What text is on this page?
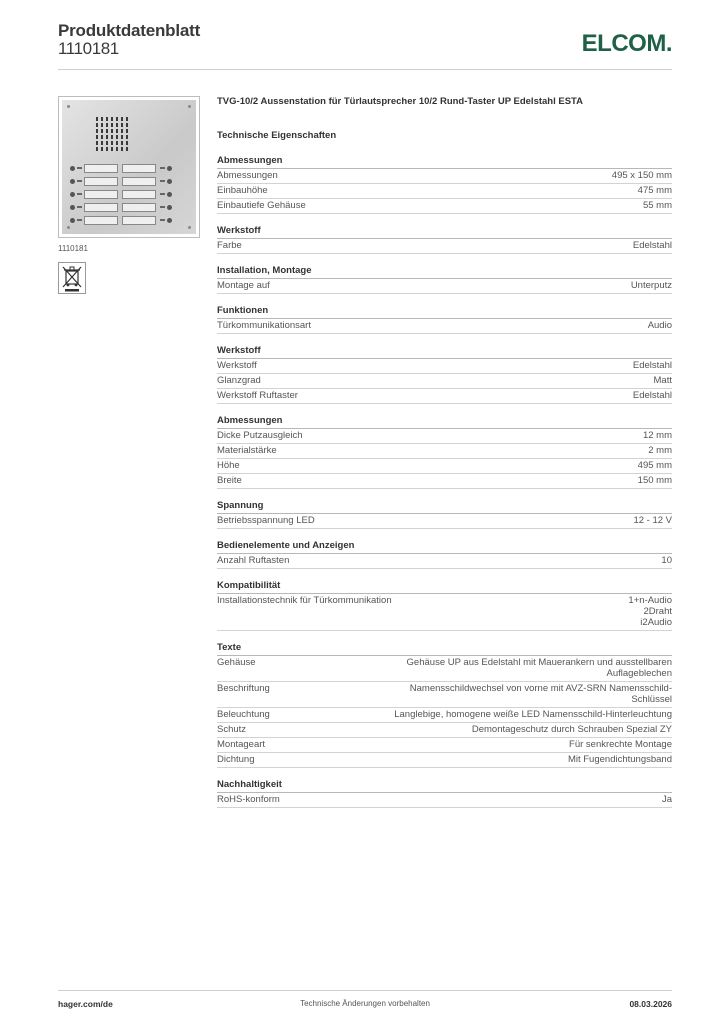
Produktdatenblatt
1110181	ELCOM.
1110181
TVG-10/2 Aussenstation für Türlautsprecher 10/2 Rund-Taster UP Edelstahl ESTA
Technische Eigenschaften
Abmessungen
Abmessungen	495 x 150 mm
Einbauhöhe	475 mm
Einbautiefe Gehäuse	55 mm
Werkstoff
Farbe	Edelstahl
Installation, Montage
Montage auf	Unterputz
Funktionen
Türkommunikationsart	Audio
Werkstoff
Werkstoff	Edelstahl
Glanzgrad	Matt
Werkstoff Ruftaster	Edelstahl
Abmessungen
Dicke Putzausgleich	12 mm
Materialstärke	2 mm
Höhe	495 mm
Breite	150 mm
Spannung
Betriebsspannung LED	12 - 12 V
Bedienelemente und Anzeigen
Anzahl Ruftasten	10
Kompatibilität
Installationstechnik für Türkommunikation	1+n-Audio
2Draht
i2Audio
Texte
Gehäuse	Gehäuse UP aus Edelstahl mit Mauerankern und ausstellbaren Auflageblechen
Beschriftung	Namensschildwechsel von vorne mit AVZ-SRN Namensschild-Schlüssel
Beleuchtung	Langlebige, homogene weiße LED Namensschild-Hinterleuchtung
Schutz	Demontageschutz durch Schrauben Spezial ZY
Montageart	Für senkrechte Montage
Dichtung	Mit Fugendichtungsband
Nachhaltigkeit
RoHS-konform	Ja
hager.com/de	Technische Änderungen vorbehalten	08.03.2026
